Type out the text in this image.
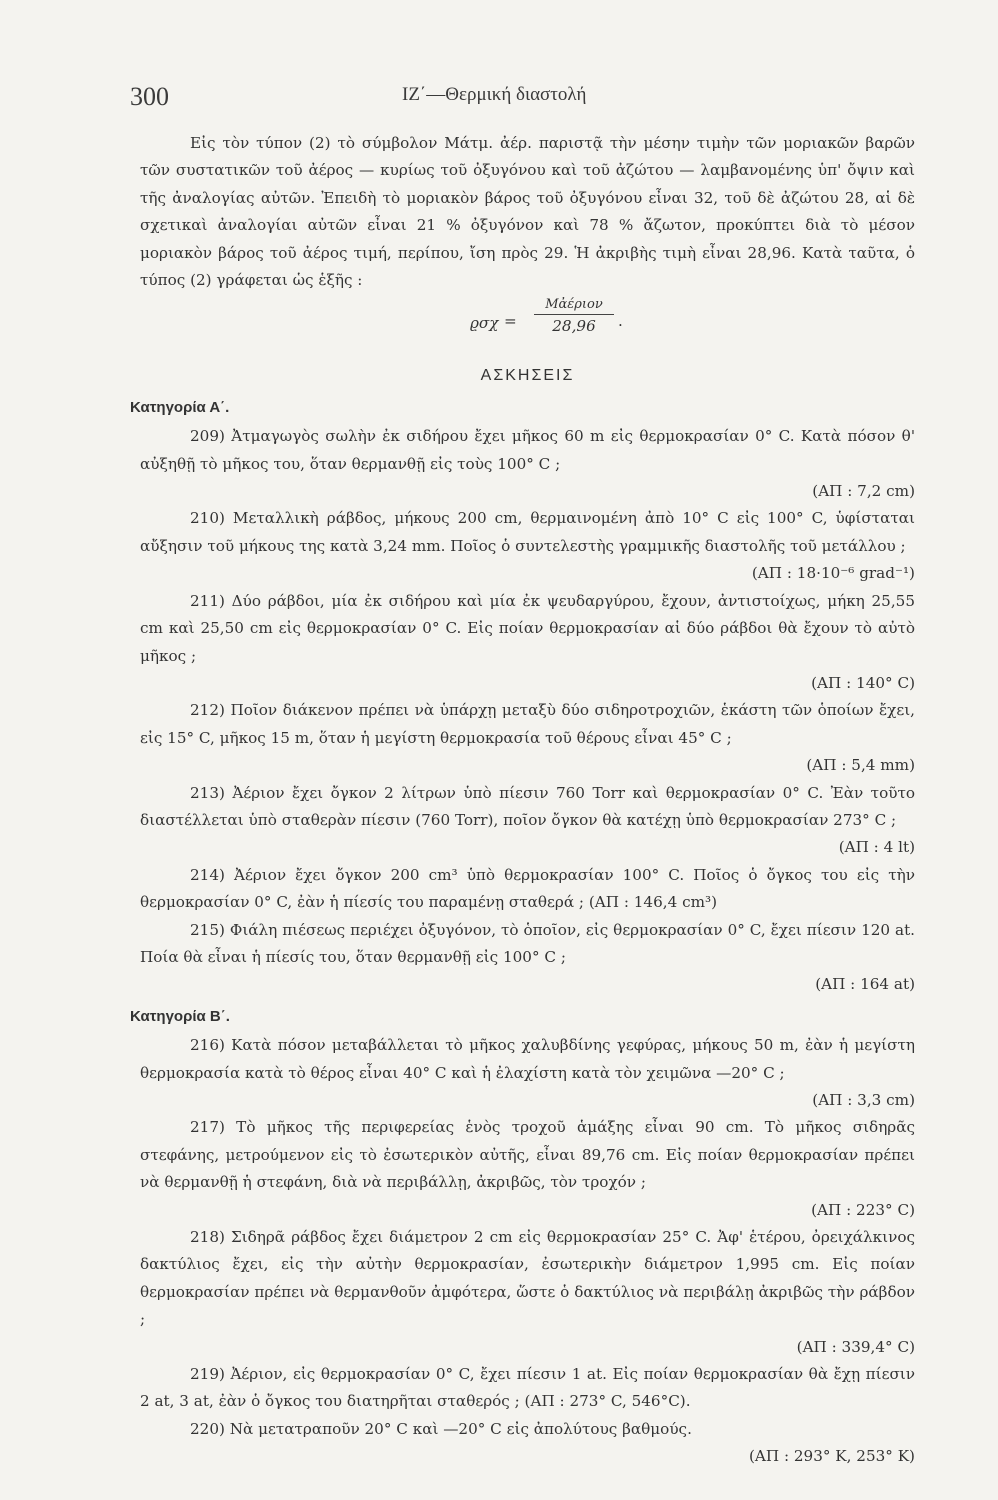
300	ΙΖ΄—Θερμική διαστολή

Εἰς τὸν τύπον (2) τὸ σύμβολον Mάτμ. ἀέρ. παριστᾷ τὴν μέσην τιμὴν τῶν μοριακῶν βαρῶν τῶν συστατικῶν τοῦ ἀέρος — κυρίως τοῦ ὀξυγόνου καὶ τοῦ ἀζώτου — λαμβανομένης ὑπ' ὄψιν καὶ τῆς ἀναλογίας αὐτῶν. Ἐπειδὴ τὸ μοριακὸν βάρος τοῦ ὀξυγόνου εἶναι 32, τοῦ δὲ ἀζώτου 28, αἱ δὲ σχετικαὶ ἀναλογίαι αὐτῶν εἶναι 21 % ὀξυγόνον καὶ 78 % ἄζωτον, προκύπτει διὰ τὸ μέσον μοριακὸν βάρος τοῦ ἀέρος τιμή, περίπου, ἴση πρὸς 29. Ἡ ἀκριβὴς τιμὴ εἶναι 28,96. Κατὰ ταῦτα, ὁ τύπος (2) γράφεται ὡς ἑξῆς :

ϱσχ =
Mἀέριον
28,96	.
ΑΣΚΗΣΕΙΣ
Κατηγορία Α΄.

209) Ἀτμαγωγὸς σωλὴν ἐκ σιδήρου ἔχει μῆκος 60 m εἰς θερμοκρασίαν 0° C. Κατὰ πόσον θ' αὐξηθῇ τὸ μῆκος του, ὅταν θερμανθῇ εἰς τοὺς 100° C ;

(ΑΠ : 7,2 cm)

210) Μεταλλικὴ ράβδος, μήκους 200 cm, θερμαινομένη ἀπὸ 10° C εἰς 100° C, ὑφίσταται αὔξησιν τοῦ μήκους της κατὰ 3,24 mm. Ποῖος ὁ συντελεστὴς γραμμικῆς διαστολῆς τοῦ μετάλλου ;

(ΑΠ : 18·10⁻⁶ grad⁻¹)

211) Δύο ράβδοι, μία ἐκ σιδήρου καὶ μία ἐκ ψευδαργύρου, ἔχουν, ἀντιστοίχως, μήκη 25,55 cm καὶ 25,50 cm εἰς θερμοκρασίαν 0° C. Εἰς ποίαν θερμοκρασίαν αἱ δύο ράβδοι θὰ ἔχουν τὸ αὐτὸ μῆκος ;

(ΑΠ : 140° C)

212) Ποῖον διάκενον πρέπει νὰ ὑπάρχῃ μεταξὺ δύο σιδηροτροχιῶν, ἑκάστη τῶν ὁποίων ἔχει, εἰς 15° C, μῆκος 15 m, ὅταν ἡ μεγίστη θερμοκρασία τοῦ θέρους εἶναι 45° C ;

(ΑΠ : 5,4 mm)

213) Ἀέριον ἔχει ὄγκον 2 λίτρων ὑπὸ πίεσιν 760 Torr καὶ θερμοκρασίαν 0° C. Ἐὰν τοῦτο διαστέλλεται ὑπὸ σταθερὰν πίεσιν (760 Torr), ποῖον ὄγκον θὰ κατέχῃ ὑπὸ θερμοκρασίαν 273° C ;

(ΑΠ : 4 lt)

214) Ἀέριον ἔχει ὄγκον 200 cm³ ὑπὸ θερμοκρασίαν 100° C. Ποῖος ὁ ὄγκος του εἰς τὴν θερμοκρασίαν 0° C, ἐὰν ἡ πίεσίς του παραμένῃ σταθερά ; (ΑΠ : 146,4 cm³)

215) Φιάλη πιέσεως περιέχει ὀξυγόνον, τὸ ὁποῖον, εἰς θερμοκρασίαν 0° C, ἔχει πίεσιν 120 at. Ποία θὰ εἶναι ἡ πίεσίς του, ὅταν θερμανθῇ εἰς 100° C ;

(ΑΠ : 164 at)

Κατηγορία Β΄.

216) Κατὰ πόσον μεταβάλλεται τὸ μῆκος χαλυβδίνης γεφύρας, μήκους 50 m, ἐὰν ἡ μεγίστη θερμοκρασία κατὰ τὸ θέρος εἶναι 40° C καὶ ἡ ἐλαχίστη κατὰ τὸν χειμῶνα —20° C ;

(ΑΠ : 3,3 cm)

217) Τὸ μῆκος τῆς περιφερείας ἑνὸς τροχοῦ ἁμάξης εἶναι 90 cm. Τὸ μῆκος σιδηρᾶς στεφάνης, μετρούμενον εἰς τὸ ἐσωτερικὸν αὐτῆς, εἶναι 89,76 cm. Εἰς ποίαν θερμοκρασίαν πρέπει νὰ θερμανθῇ ἡ στεφάνη, διὰ νὰ περιβάλλῃ, ἀκριβῶς, τὸν τροχόν ;

(ΑΠ : 223° C)

218) Σιδηρᾶ ράβδος ἔχει διάμετρον 2 cm εἰς θερμοκρασίαν 25° C. Ἀφ' ἑτέρου, ὀρειχάλκινος δακτύλιος ἔχει, εἰς τὴν αὐτὴν θερμοκρασίαν, ἐσωτερικὴν διάμετρον 1,995 cm. Εἰς ποίαν θερμοκρασίαν πρέπει νὰ θερμανθοῦν ἀμφότερα, ὥστε ὁ δακτύλιος νὰ περιβάλῃ ἀκριβῶς τὴν ράβδον ;

(ΑΠ : 339,4° C)

219) Ἀέριον, εἰς θερμοκρασίαν 0° C, ἔχει πίεσιν 1 at. Εἰς ποίαν θερμοκρασίαν θὰ ἔχῃ πίεσιν 2 at, 3 at, ἐὰν ὁ ὄγκος του διατηρῆται σταθερός ; (ΑΠ : 273° C, 546°C).

220) Νὰ μετατραποῦν 20° C καὶ —20° C εἰς ἀπολύτους βαθμούς.

(ΑΠ : 293° K, 253° K)
